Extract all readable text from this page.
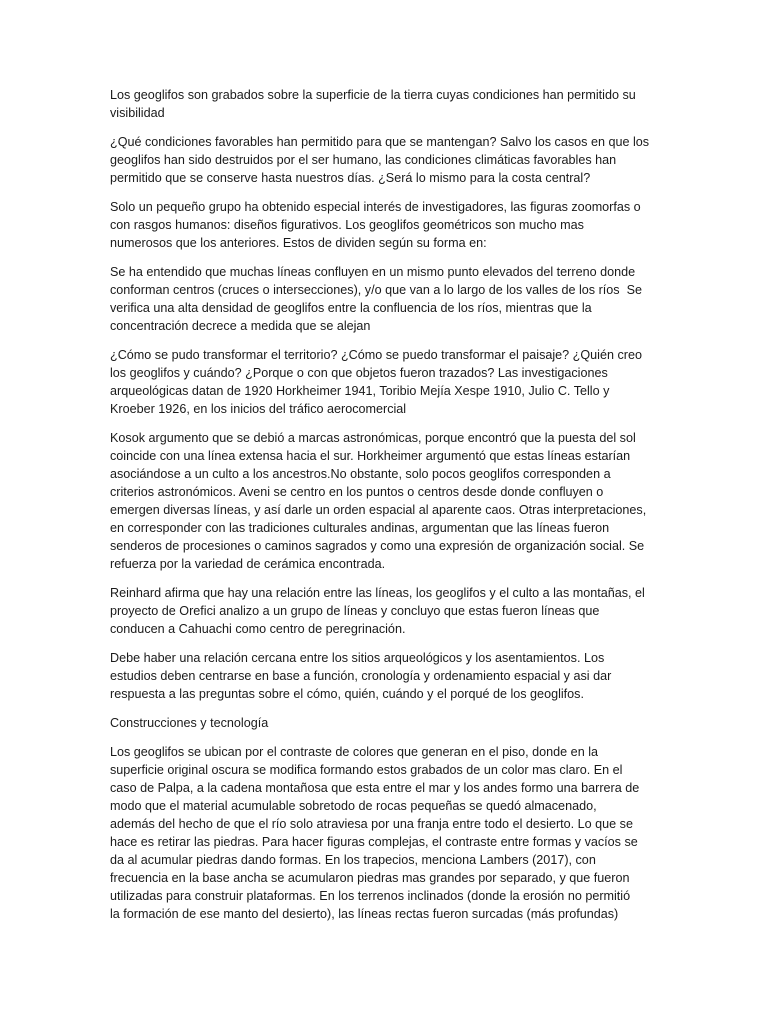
Los geoglifos son grabados sobre la superficie de la tierra cuyas condiciones han permitido su
visibilidad

¿Qué condiciones favorables han permitido para que se mantengan? Salvo los casos en que los
geoglifos han sido destruidos por el ser humano, las condiciones climáticas favorables han
permitido que se conserve hasta nuestros días. ¿Será lo mismo para la costa central?

Solo un pequeño grupo ha obtenido especial interés de investigadores, las figuras zoomorfas o
con rasgos humanos: diseños figurativos. Los geoglifos geométricos son mucho mas
numerosos que los anteriores. Estos de dividen según su forma en:

Se ha entendido que muchas líneas confluyen en un mismo punto elevados del terreno donde
conforman centros (cruces o intersecciones), y/o que van a lo largo de los valles de los ríos  Se
verifica una alta densidad de geoglifos entre la confluencia de los ríos, mientras que la
concentración decrece a medida que se alejan

¿Cómo se pudo transformar el territorio? ¿Cómo se puedo transformar el paisaje? ¿Quién creo
los geoglifos y cuándo? ¿Porque o con que objetos fueron trazados? Las investigaciones
arqueológicas datan de 1920 Horkheimer 1941, Toribio Mejía Xespe 1910, Julio C. Tello y
Kroeber 1926, en los inicios del tráfico aerocomercial

Kosok argumento que se debió a marcas astronómicas, porque encontró que la puesta del sol
coincide con una línea extensa hacia el sur. Horkheimer argumentó que estas líneas estarían
asociándose a un culto a los ancestros.No obstante, solo pocos geoglifos corresponden a
criterios astronómicos. Aveni se centro en los puntos o centros desde donde confluyen o
emergen diversas líneas, y así darle un orden espacial al aparente caos. Otras interpretaciones,
en corresponder con las tradiciones culturales andinas, argumentan que las líneas fueron
senderos de procesiones o caminos sagrados y como una expresión de organización social. Se
refuerza por la variedad de cerámica encontrada.

Reinhard afirma que hay una relación entre las líneas, los geoglifos y el culto a las montañas, el
proyecto de Orefici analizo a un grupo de líneas y concluyo que estas fueron líneas que
conducen a Cahuachi como centro de peregrinación.

Debe haber una relación cercana entre los sitios arqueológicos y los asentamientos. Los
estudios deben centrarse en base a función, cronología y ordenamiento espacial y asi dar
respuesta a las preguntas sobre el cómo, quién, cuándo y el porqué de los geoglifos.

Construcciones y tecnología

Los geoglifos se ubican por el contraste de colores que generan en el piso, donde en la
superficie original oscura se modifica formando estos grabados de un color mas claro. En el
caso de Palpa, a la cadena montañosa que esta entre el mar y los andes formo una barrera de
modo que el material acumulable sobretodo de rocas pequeñas se quedó almacenado,
además del hecho de que el río solo atraviesa por una franja entre todo el desierto. Lo que se
hace es retirar las piedras. Para hacer figuras complejas, el contraste entre formas y vacíos se
da al acumular piedras dando formas. En los trapecios, menciona Lambers (2017), con
frecuencia en la base ancha se acumularon piedras mas grandes por separado, y que fueron
utilizadas para construir plataformas. En los terrenos inclinados (donde la erosión no permitió
la formación de ese manto del desierto), las líneas rectas fueron surcadas (más profundas)
